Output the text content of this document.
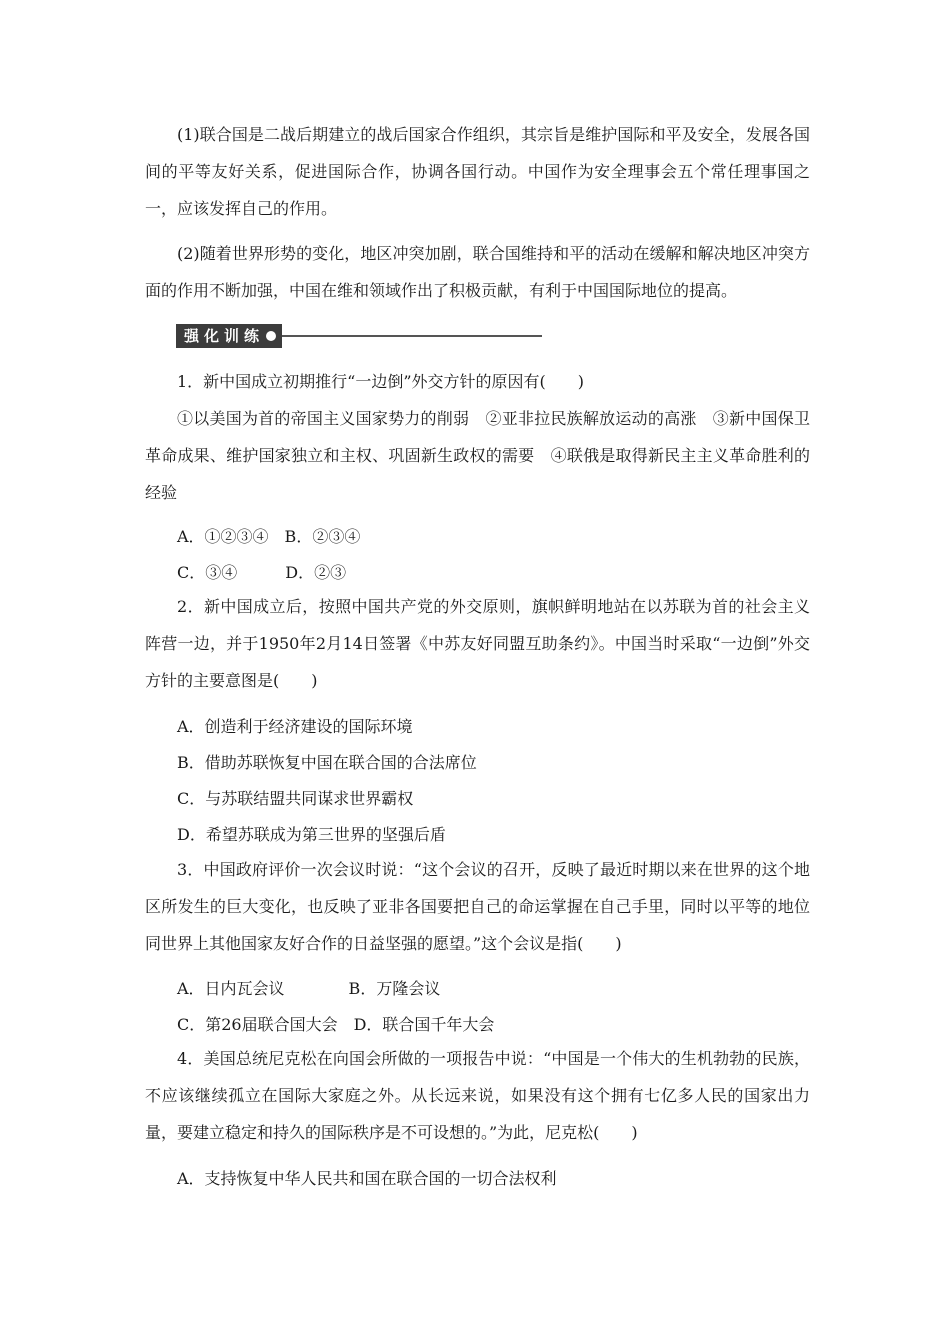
(1)联合国是二战后期建立的战后国家合作组织，其宗旨是维护国际和平及安全，发展各国间的平等友好关系，促进国际合作，协调各国行动。中国作为安全理事会五个常任理事国之一，应该发挥自己的作用。

(2)随着世界形势的变化，地区冲突加剧，联合国维持和平的活动在缓解和解决地区冲突方面的作用不断加强，中国在维和领域作出了积极贡献，有利于中国国际地位的提高。

强化训练

1．新中国成立初期推行“一边倒”外交方针的原因有(　　)

①以美国为首的帝国主义国家势力的削弱　②亚非拉民族解放运动的高涨　③新中国保卫革命成果、维护国家独立和主权、巩固新生政权的需要　④联俄是取得新民主主义革命胜利的经验

A．①②③④　B．②③④

C．③④　　　D．②③

2．新中国成立后，按照中国共产党的外交原则，旗帜鲜明地站在以苏联为首的社会主义阵营一边，并于1950年2月14日签署《中苏友好同盟互助条约》。中国当时采取“一边倒”外交方针的主要意图是(　　)

A．创造利于经济建设的国际环境

B．借助苏联恢复中国在联合国的合法席位

C．与苏联结盟共同谋求世界霸权

D．希望苏联成为第三世界的坚强后盾

3．中国政府评价一次会议时说：“这个会议的召开，反映了最近时期以来在世界的这个地区所发生的巨大变化，也反映了亚非各国要把自己的命运掌握在自己手里，同时以平等的地位同世界上其他国家友好合作的日益坚强的愿望。”这个会议是指(　　)

A．日内瓦会议　　　　B．万隆会议

C．第26届联合国大会　D．联合国千年大会

4．美国总统尼克松在向国会所做的一项报告中说：“中国是一个伟大的生机勃勃的民族，不应该继续孤立在国际大家庭之外。从长远来说，如果没有这个拥有七亿多人民的国家出力量，要建立稳定和持久的国际秩序是不可设想的。”为此，尼克松(　　)

A．支持恢复中华人民共和国在联合国的一切合法权利
